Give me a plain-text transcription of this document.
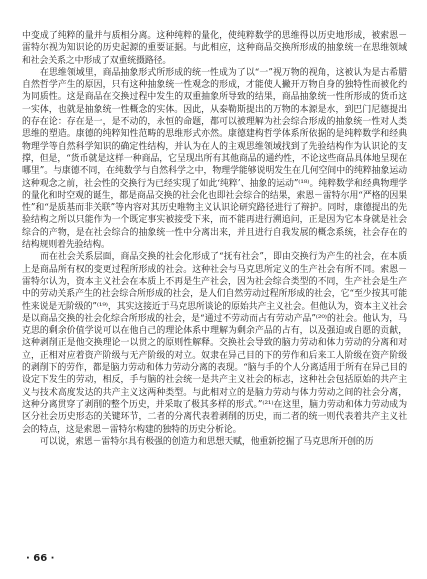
中变成了纯粹的量并与质相分离。这种纯粹的量化，使纯粹数学的思维得以历史地形成，被索恩－雷特尔视为知识论的历史起源的重要证据。与此相应，这种商品交换所形成的抽象统一在思维领域和社会关系之中形成了双重统摄路径。

在思维领域里，商品抽象形式所形成的统一性成为了以“一”视万物的视角，这被认为是古希腊自然哲学产生的原因，只有这种抽象统一性观念的形成，才能使人撇开万物自身的独特性而被化约为同质性。这是商品在交换过程中发生的双重抽象所导致的结果，商品抽象统一性所形成的货币这一实体，也就是抽象统一性概念的实体。因此，从泰勒斯提出的万物的本源是水，到巴门尼德提出的存在论：存在是一，是不动的，永恒的命题，都可以被理解为社会综合形成的抽象统一性对人类思维的塑造。康德的纯粹知性范畴的思维形式亦然。康德建构哲学体系所依据的是纯粹数学和经典物理学等自然科学知识的确定性结构，并认为在人的主观思维领域找到了先验结构作为认识论的支撑，但是，“货币就是这样一种商品，它呈现出所有其他商品的通约性，不论这些商品具体地呈现在哪里”。与康德不同，在纯数学与自然科学之中，物理学能够说明发生在几何空间中的纯粹抽象运动这种观念之前，社会性的交换行为已经实现了如此‘纯粹’、抽象的运动”⁽¹⁸⁾。纯粹数学和经典物理学的量化和时空观的诞生，都是商品交换的社会化也即社会综合的结果，索恩－雷特尔用“严格的因果性”和“是质基而非关联”等内容对其历史唯物主义认识论研究路径进行了辩护。同时，康德提出的先验结构之所以只能作为一个既定事实被接受下来，而不能再进行溯追问，正是因为它本身就是社会综合的产物，是在社会综合的抽象统一性中分离出来，并且进行自我发展的概念系统，社会存在的结构规则着先验结构。

而在社会关系层面，商品交换的社会化形成了“抚有社会”，即由交换行为产生的社会，在本质上是商品所有权的变更过程所形成的社会。这种社会与马克思所定义的生产社会有所不同。索恩－雷特尔认为，资本主义社会在本质上不再是生产社会，因为社会综合类型的不同，生产社会是生产中的劳动关系产生的社会综合所形成的社会，是人们自然劳动过程所形成的社会，它“至少按其可能性来说是无阶级的”⁽¹⁹⁾，其实这接近于马克思所谈论的原始共产主义社会。但他认为，资本主义社会是以商品交换的社会化综合所形成的社会，是“通过不劳动而占有劳动产品”⁽²⁰⁾的社会。他认为，马克思的剩余价值学说可以在他自己的理论体系中理解为剩余产品的占有，以及强迫或自愿的贡献，这种剥削正是他交换理论一以贯之的原则性解释。交换社会导致的脑力劳动和体力劳动的分离和对立，正相对应着资产阶级与无产阶级的对立。奴隶在异己目的下的劳作和后来工人阶级在资产阶级的剥削下的劳作，都是脑力劳动和体力劳动分离的表现。“脑与手的个人分离适用于所有在异己目的设定下发生的劳动，相反，手与脑的社会统一是共产主义社会的标志，这种社会包括原始的共产主义与技术高度发达的共产主义这两种类型。与此相对立的是脑力劳动与体力劳动之间的社会分离，这种分离贯穿了剥削的整个历史，并采取了极其多样的形式。”⁽²¹⁾在这里，脑力劳动和体力劳动成为区分社会历史形态的关键环节，二者的分离代表着剥削的历史，而二者的统一则代表着共产主义社会的特点，这是索恩－雷特尔构建的独特的历史分析论。

可以说，索恩－雷特尔具有极强的创造力和思想天赋，他重新挖掘了马克思所开创的历

· 66 ·
